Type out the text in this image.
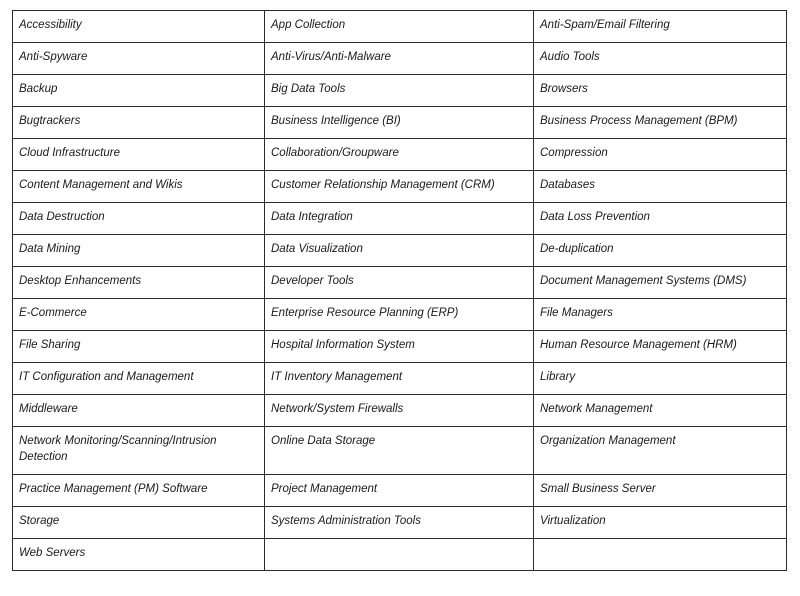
Accessibility	App Collection	Anti-Spam/Email Filtering
Anti-Spyware	Anti-Virus/Anti-Malware	Audio Tools
Backup	Big Data Tools	Browsers
Bugtrackers	Business Intelligence (BI)	Business Process Management (BPM)
Cloud Infrastructure	Collaboration/Groupware	Compression
Content Management and Wikis	Customer Relationship Management (CRM)	Databases
Data Destruction	Data Integration	Data Loss Prevention
Data Mining	Data Visualization	De-duplication
Desktop Enhancements	Developer Tools	Document Management Systems (DMS)
E-Commerce	Enterprise Resource Planning (ERP)	File Managers
File Sharing	Hospital Information System	Human Resource Management (HRM)
IT Configuration and Management	IT Inventory Management	Library
Middleware	Network/System Firewalls	Network Management
Network Monitoring/Scanning/Intrusion Detection	Online Data Storage	Organization Management
Practice Management (PM) Software	Project Management	Small Business Server
Storage	Systems Administration Tools	Virtualization
Web Servers		
